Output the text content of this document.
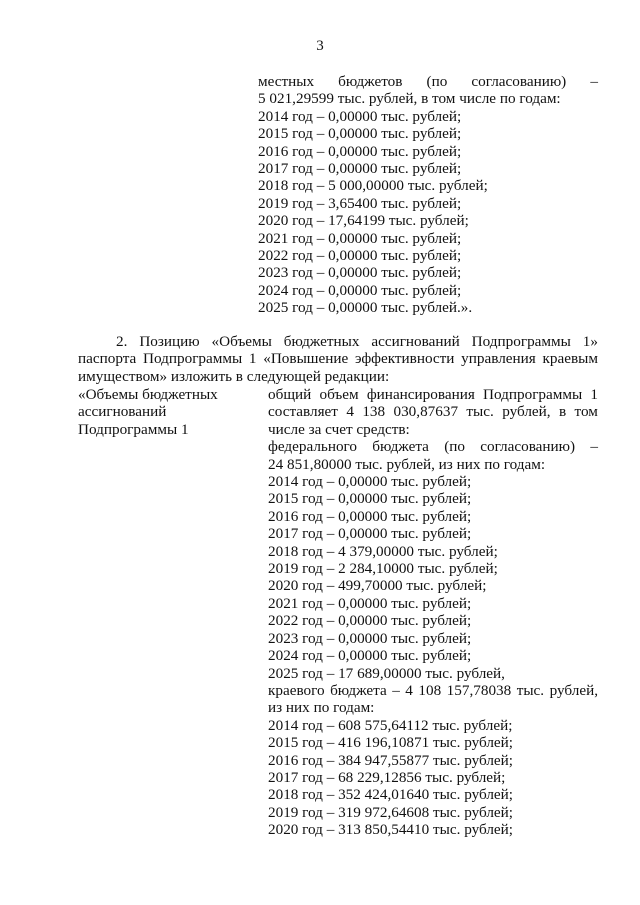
3
местных бюджетов (по согласованию) –
5 021,29599 тыс. рублей, в том числе по годам:
2014 год – 0,00000 тыс. рублей;
2015 год – 0,00000 тыс. рублей;
2016 год – 0,00000 тыс. рублей;
2017 год – 0,00000 тыс. рублей;
2018 год – 5 000,00000 тыс. рублей;
2019 год – 3,65400 тыс. рублей;
2020 год – 17,64199 тыс. рублей;
2021 год – 0,00000 тыс. рублей;
2022 год – 0,00000 тыс. рублей;
2023 год – 0,00000 тыс. рублей;
2024 год – 0,00000 тыс. рублей;
2025 год – 0,00000 тыс. рублей.».
2. Позицию «Объемы бюджетных ассигнований Подпрограммы 1»
паспорта Подпрограммы 1 «Повышение эффективности управления краевым
имуществом» изложить в следующей редакции:
«Объемы бюджетных
ассигнований
Подпрограммы 1
общий объем финансирования Подпрограммы 1
составляет 4 138 030,87637 тыс. рублей, в том
числе за счет средств:
федерального бюджета (по согласованию) –
24 851,80000 тыс. рублей, из них по годам:
2014 год – 0,00000 тыс. рублей;
2015 год – 0,00000 тыс. рублей;
2016 год – 0,00000 тыс. рублей;
2017 год – 0,00000 тыс. рублей;
2018 год – 4 379,00000 тыс. рублей;
2019 год – 2 284,10000 тыс. рублей;
2020 год – 499,70000 тыс. рублей;
2021 год – 0,00000 тыс. рублей;
2022 год – 0,00000 тыс. рублей;
2023 год – 0,00000 тыс. рублей;
2024 год – 0,00000 тыс. рублей;
2025 год – 17 689,00000 тыс. рублей,
краевого бюджета – 4 108 157,78038 тыс. рублей,
из них по годам:
2014 год – 608 575,64112 тыс. рублей;
2015 год – 416 196,10871 тыс. рублей;
2016 год – 384 947,55877 тыс. рублей;
2017 год – 68 229,12856 тыс. рублей;
2018 год – 352 424,01640 тыс. рублей;
2019 год – 319 972,64608 тыс. рублей;
2020 год – 313 850,54410 тыс. рублей;
